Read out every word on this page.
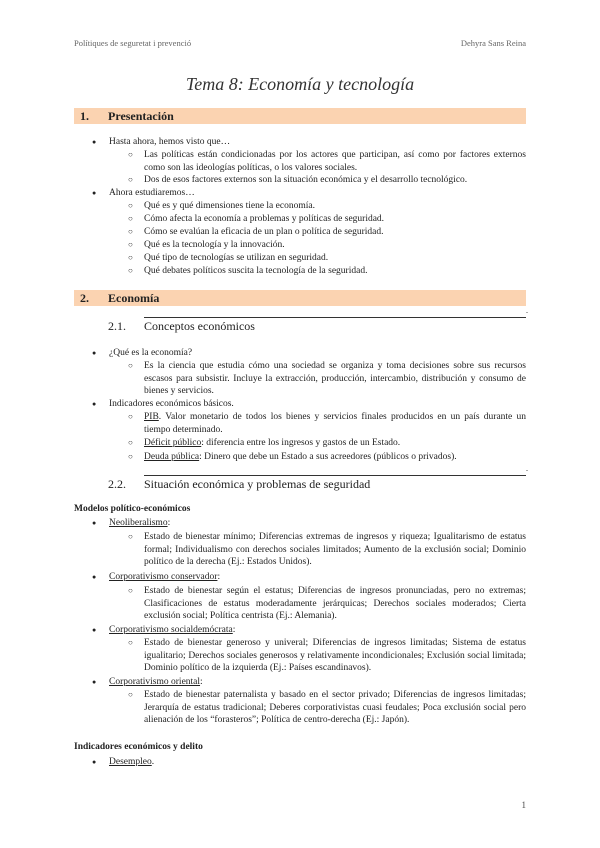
Polítiques de seguretat i prevenció	Dehyra Sans Reina
Tema 8: Economía y tecnología
1. Presentación
● Hasta ahora, hemos visto que…
○ Las políticas están condicionadas por los actores que participan, así como por factores externos como son las ideologías políticas, o los valores sociales.
○ Dos de esos factores externos son la situación económica y el desarrollo tecnológico.
● Ahora estudiaremos…
○ Qué es y qué dimensiones tiene la economía.
○ Cómo afecta la economía a problemas y políticas de seguridad.
○ Cómo se evalúan la eficacia de un plan o política de seguridad.
○ Qué es la tecnología y la innovación.
○ Qué tipo de tecnologías se utilizan en seguridad.
○ Qué debates políticos suscita la tecnología de la seguridad.
2. Economía
2.1. Conceptos económicos
.
● ¿Qué es la economía?
○ Es la ciencia que estudia cómo una sociedad se organiza y toma decisiones sobre sus recursos escasos para subsistir. Incluye la extracción, producción, intercambio, distribución y consumo de bienes y servicios.
● Indicadores económicos básicos.
○ PIB. Valor monetario de todos los bienes y servicios finales producidos en un país durante un tiempo determinado.
○ Déficit público: diferencia entre los ingresos y gastos de un Estado.
○ Deuda pública: Dinero que debe un Estado a sus acreedores (públicos o privados).
2.2. Situación económica y problemas de seguridad
.
Modelos político-económicos
● Neoliberalismo:
○ Estado de bienestar mínimo; Diferencias extremas de ingresos y riqueza; Igualitarismo de estatus formal; Individualismo con derechos sociales limitados; Aumento de la exclusión social; Dominio político de la derecha (Ej.: Estados Unidos).
● Corporativismo conservador:
○ Estado de bienestar según el estatus; Diferencias de ingresos pronunciadas, pero no extremas; Clasificaciones de estatus moderadamente jerárquicas; Derechos sociales moderados; Cierta exclusión social; Política centrista (Ej.: Alemania).
● Corporativismo socialdemócrata:
○ Estado de bienestar generoso y univeral; Diferencias de ingresos limitadas; Sistema de estatus igualitario; Derechos sociales generosos y relativamente incondicionales; Exclusión social limitada; Dominio político de la izquierda (Ej.: Países escandinavos).
● Corporativismo oriental:
○ Estado de bienestar paternalista y basado en el sector privado; Diferencias de ingresos limitadas; Jerarquía de estatus tradicional; Deberes corporativistas cuasi feudales; Poca exclusión social pero alienación de los “forasteros”; Política de centro-derecha (Ej.: Japón).
Indicadores económicos y delito
● Desempleo.
1
